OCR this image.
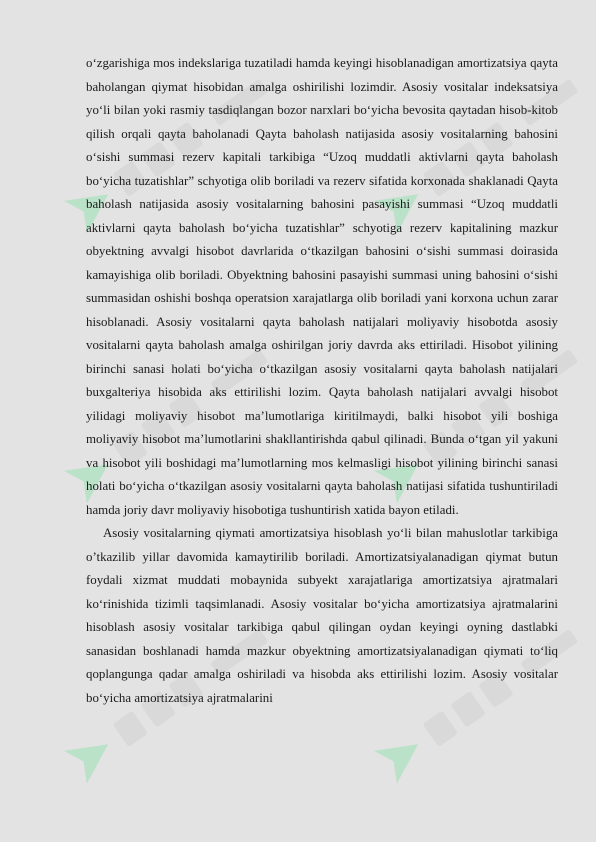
o‘zgarishiga mos indekslariga tuzatiladi hamda keyingi hisoblanadigan amortizatsiya qayta baholangan qiymat hisobidan amalga oshirilishi lozimdir. Asosiy vositalar indeksatsiya yo‘li bilan yoki rasmiy tasdiqlangan bozor narxlari bo‘yicha bevosita qaytadan hisob-kitob qilish orqali qayta baholanadi Qayta baholash natijasida asosiy vositalarning bahosini o‘sishi summasi rezerv kapitali tarkibiga “Uzoq muddatli aktivlarni qayta baholash bo‘yicha tuzatishlar” schyotiga olib boriladi va rezerv sifatida korxonada shaklanadi Qayta baholash natijasida asosiy vositalarning bahosini pasayishi summasi “Uzoq muddatli aktivlarni qayta baholash bo‘yicha tuzatishlar” schyotiga rezerv kapitalining mazkur obyektning avvalgi hisobot davrlarida o‘tkazilgan bahosini o‘sishi summasi doirasida kamayishiga olib boriladi. Obyektning bahosini pasayishi summasi uning bahosini o‘sishi summasidan oshishi boshqa operatsion xarajatlarga olib boriladi yani korxona uchun zarar hisoblanadi. Asosiy vositalarni qayta baholash natijalari moliyaviy hisobotda asosiy vositalarni qayta baholash amalga oshirilgan joriy davrda aks ettiriladi. Hisobot yilining birinchi sanasi holati bo‘yicha o‘tkazilgan asosiy vositalarni qayta baholash natijalari buxgalteriya hisobida aks ettirilishi lozim. Qayta baholash natijalari avvalgi hisobot yilidagi moliyaviy hisobot ma’lumotlariga kiritilmaydi, balki hisobot yili boshiga moliyaviy hisobot ma’lumotlarini shakllantirishda qabul qilinadi. Bunda o‘tgan yil yakuni va hisobot yili boshidagi ma’lumotlarning mos kelmasligi hisobot yilining birinchi sanasi holati bo‘yicha o‘tkazilgan asosiy vositalarni qayta baholash natijasi sifatida tushuntiriladi hamda joriy davr moliyaviy hisobotiga tushuntirish xatida bayon etiladi.

Asosiy vositalarning qiymati amortizatsiya hisoblash yo‘li bilan mahuslotlar tarkibiga o’tkazilib yillar davomida kamaytirilib boriladi. Amortizatsiyalanadigan qiymat butun foydali xizmat muddati mobaynida subyekt xarajatlariga amortizatsiya ajratmalari ko‘rinishida tizimli taqsimlanadi. Asosiy vositalar bo‘yicha amortizatsiya ajratmalarini hisoblash asosiy vositalar tarkibiga qabul qilingan oydan keyingi oyning dastlabki sanasidan boshlanadi hamda mazkur obyektning amortizatsiyalanadigan qiymati to‘liq qoplangunga qadar amalga oshiriladi va hisobda aks ettirilishi lozim. Asosiy vositalar bo‘yicha amortizatsiya ajratmalarini
